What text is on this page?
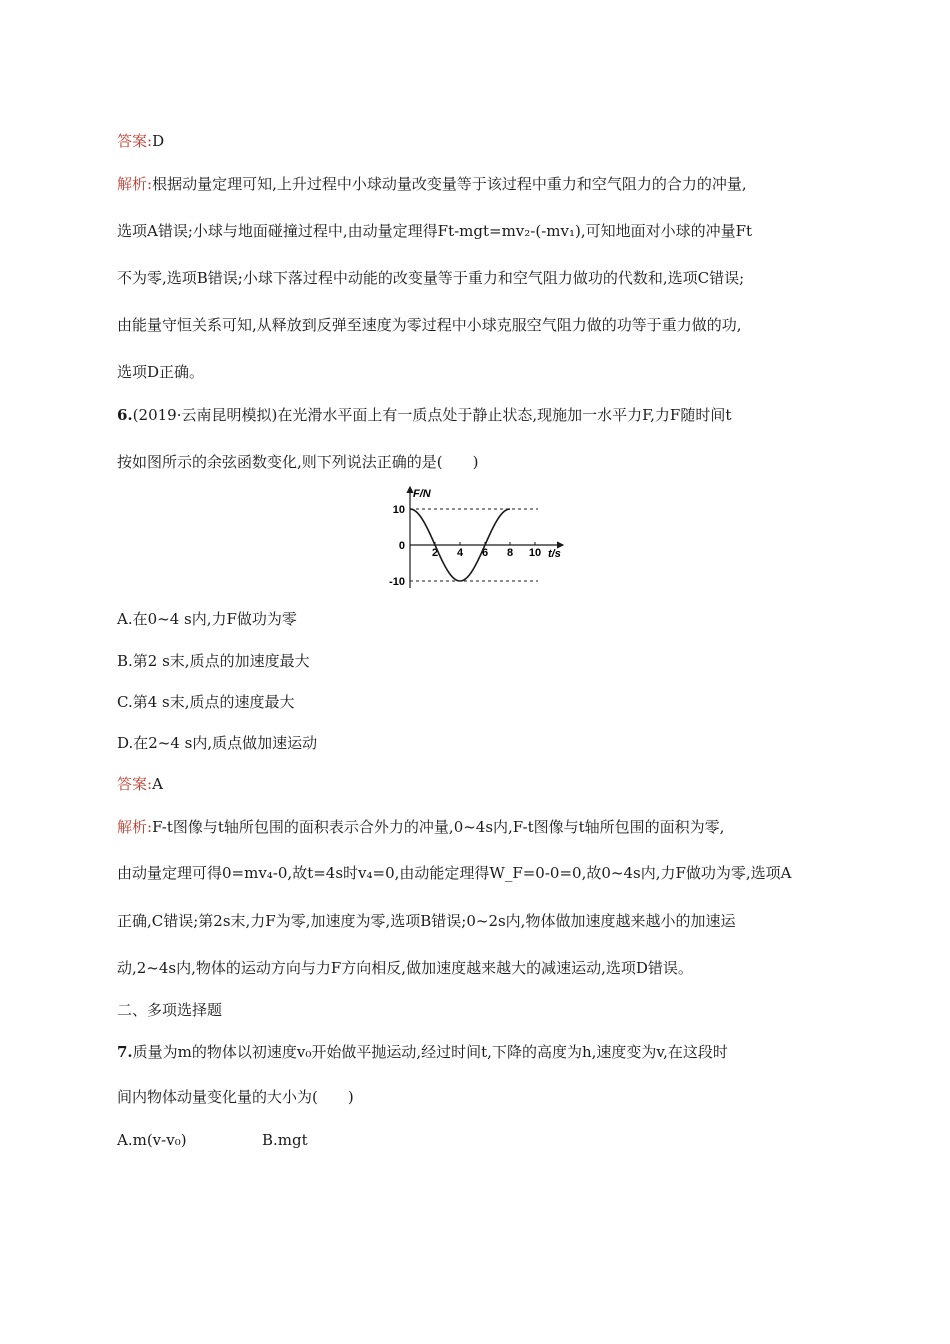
答案:D
解析:根据动量定理可知,上升过程中小球动量改变量等于该过程中重力和空气阻力的合力的冲量,
选项A错误;小球与地面碰撞过程中,由动量定理得Ft-mgt=mv₂-(-mv₁),可知地面对小球的冲量Ft
不为零,选项B错误;小球下落过程中动能的改变量等于重力和空气阻力做功的代数和,选项C错误;
由能量守恒关系可知,从释放到反弹至速度为零过程中小球克服空气阻力做的功等于重力做的功,
选项D正确。
6.(2019·云南昆明模拟)在光滑水平面上有一质点处于静止状态,现施加一水平力F,力F随时间t
按如图所示的余弦函数变化,则下列说法正确的是(　　)
F/N
t/s
2 4 6 8 10
10
0
-10
A.在0~4 s内,力F做功为零
B.第2 s末,质点的加速度最大
C.第4 s末,质点的速度最大
D.在2~4 s内,质点做加速运动
答案:A
解析:F-t图像与t轴所包围的面积表示合外力的冲量,0~4s内,F-t图像与t轴所包围的面积为零,
由动量定理可得0=mv₄-0,故t=4s时v₄=0,由动能定理得W_F=0-0=0,故0~4s内,力F做功为零,选项A
正确,C错误;第2s末,力F为零,加速度为零,选项B错误;0~2s内,物体做加速度越来越小的加速运
动,2~4s内,物体的运动方向与力F方向相反,做加速度越来越大的减速运动,选项D错误。
二、多项选择题
7.质量为m的物体以初速度v₀开始做平抛运动,经过时间t,下降的高度为h,速度变为v,在这段时
间内物体动量变化量的大小为(　　)
A.m(v-v₀)	B.mgt
